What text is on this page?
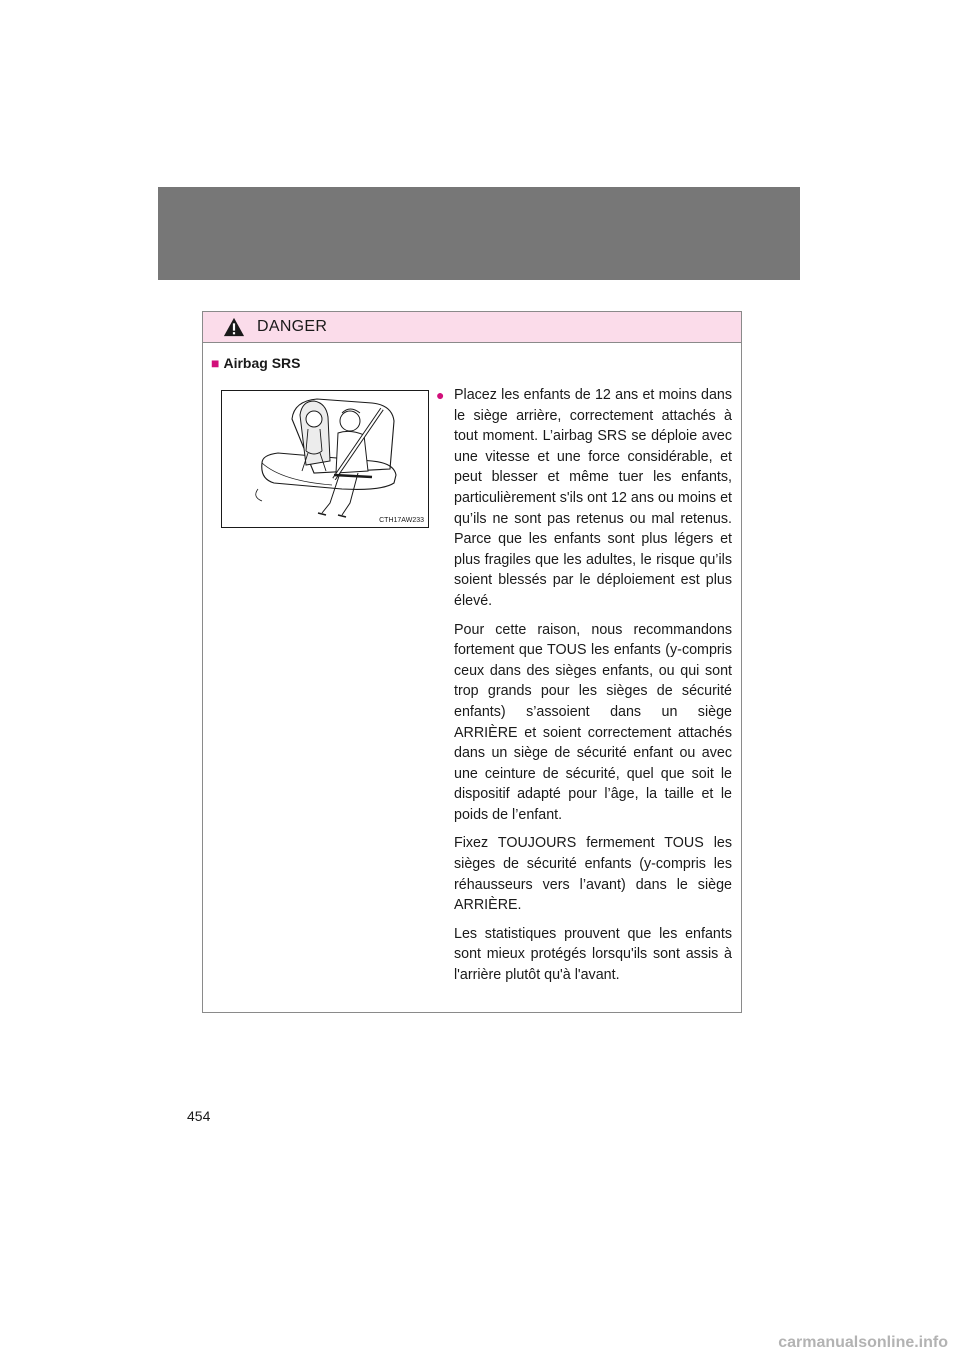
DANGER
■ Airbag SRS
CTH17AW233

● Placez les enfants de 12 ans et moins dans le siège arrière, correctement attachés à tout moment. L’airbag SRS se déploie avec une vitesse et une force considérable, et peut blesser et même tuer les enfants, particulièrement s'ils ont 12 ans ou moins et qu’ils ne sont pas retenus ou mal retenus. Parce que les enfants sont plus légers et plus fragiles que les adultes, le risque qu’ils soient blessés par le déploiement est plus élevé.

Pour cette raison, nous recommandons fortement que TOUS les enfants (y-compris ceux dans des sièges enfants, ou qui sont trop grands pour les sièges de sécurité enfants) s’assoient dans un siège ARRIÈRE et soient correctement attachés dans un siège de sécurité enfant ou avec une ceinture de sécurité, quel que soit le dispositif adapté pour l’âge, la taille et le poids de l’enfant.

Fixez TOUJOURS fermement TOUS les sièges de sécurité enfants (y-compris les réhausseurs vers l’avant) dans le siège ARRIÈRE.

Les statistiques prouvent que les enfants sont mieux protégés lorsqu'ils sont assis à l'arrière plutôt qu'à l'avant.

454
carmanualsonline.info
